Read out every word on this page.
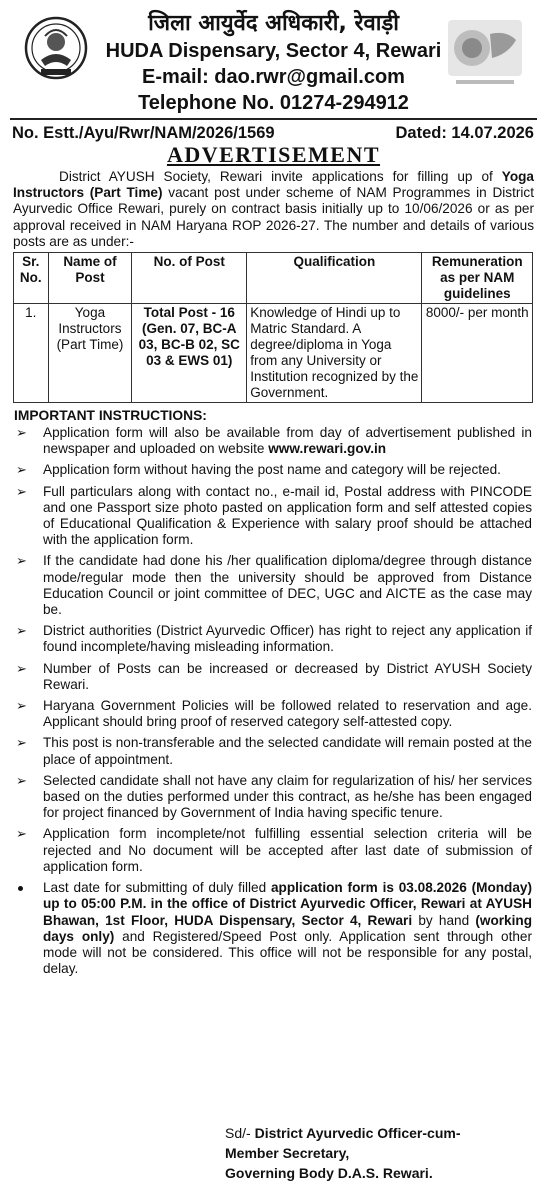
जिला आयुर्वेद अधिकारी, रेवाड़ी
HUDA Dispensary, Sector 4, Rewari
E-mail: dao.rwr@gmail.com
Telephone No. 01274-294912
No. Estt./Ayu/Rwr/NAM/2026/1569	Dated: 14.07.2026
ADVERTISEMENT
District AYUSH Society, Rewari invite applications for filling up of Yoga Instructors (Part Time) vacant post under scheme of NAM Programmes in District Ayurvedic Office Rewari, purely on contract basis initially up to 10/06/2026 or as per approval received in NAM Haryana ROP 2026-27. The number and details of various posts are as under:-
Sr. No.	Name of Post	No. of Post	Qualification	Remuneration as per NAM guidelines
1.	Yoga Instructors (Part Time)	Total Post - 16 (Gen. 07, BC-A 03, BC-B 02, SC 03 & EWS 01)	Knowledge of Hindi up to Matric Standard. A degree/diploma in Yoga from any University or Institution recognized by the Government.	8000/- per month
IMPORTANT INSTRUCTIONS:
➢ Application form will also be available from day of advertisement published in newspaper and uploaded on website www.rewari.gov.in
➢ Application form without having the post name and category will be rejected.
➢ Full particulars along with contact no., e-mail id, Postal address with PINCODE and one Passport size photo pasted on application form and self attested copies of Educational Qualification & Experience with salary proof should be attached with the application form.
➢ If the candidate had done his /her qualification diploma/degree through distance mode/regular mode then the university should be approved from Distance Education Council or joint committee of DEC, UGC and AICTE as the case may be.
➢ District authorities (District Ayurvedic Officer) has right to reject any application if found incomplete/having misleading information.
➢ Number of Posts can be increased or decreased by District AYUSH Society Rewari.
➢ Haryana Government Policies will be followed related to reservation and age. Applicant should bring proof of reserved category self-attested copy.
➢ This post is non-transferable and the selected candidate will remain posted at the place of appointment.
➢ Selected candidate shall not have any claim for regularization of his/ her services based on the duties performed under this contract, as he/she has been engaged for project financed by Government of India having specific tenure.
➢ Application form incomplete/not fulfilling essential selection criteria will be rejected and No document will be accepted after last date of submission of application form.
Last date for submitting of duly filled application form is 03.08.2026 (Monday) up to 05:00 P.M. in the office of District Ayurvedic Officer, Rewari at AYUSH Bhawan, 1st Floor, HUDA Dispensary, Sector 4, Rewari by hand (working days only) and Registered/Speed Post only. Application sent through other mode will not be considered. This office will not be responsible for any postal, delay.
Sd/- District Ayurvedic Officer-cum-
Member Secretary,
Governing Body D.A.S. Rewari.
